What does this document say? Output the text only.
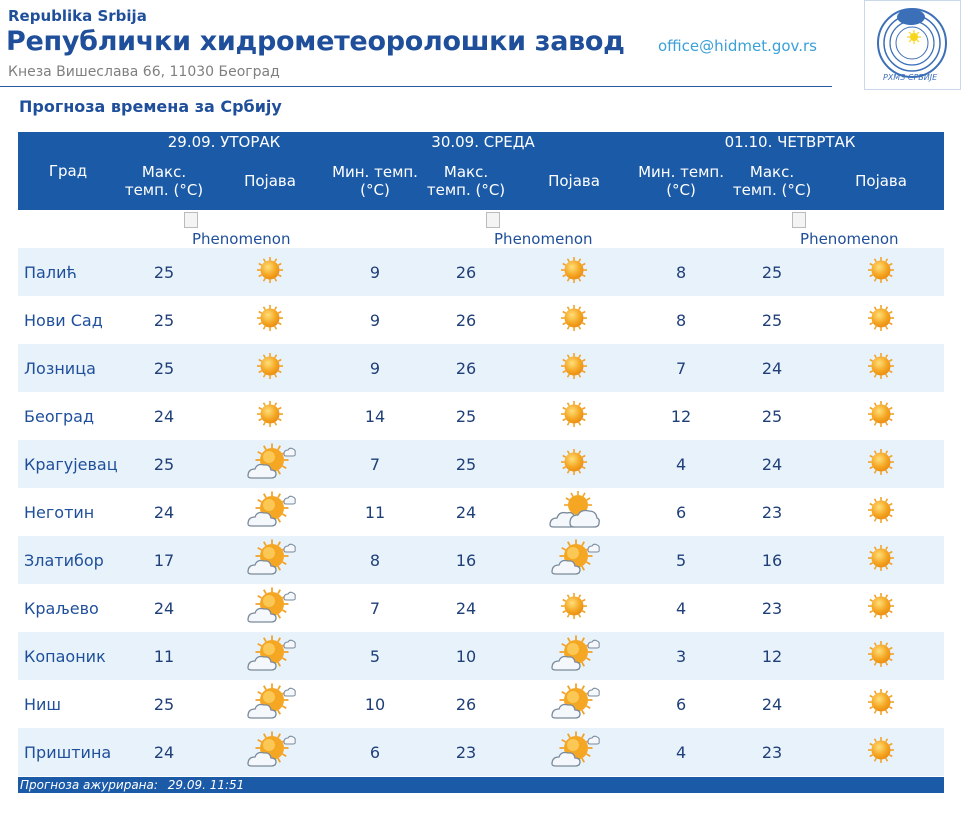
Republika Srbija
Републички хидрометеоролошки завод
Кнеза Вишеслава 66, 11030 Београд
office@hidmet.gov.rs
РХМЗ СРБИЈЕ
Прогноза времена за Србију
Град	29.09. УТОРАК		30.09. СРЕДА			01.10. ЧЕТВРТАК		
	Макс. темп. (°C)	Појава	Мин. темп. (°C)	Макс. темп. (°C)	Појава	Мин. темп. (°C)	Макс. темп. (°C)	Појава

		Phenomenon			Phenomenon			Phenomenon

Палић	25		9	26		8	25	
Нови Сад	25		9	26		8	25	
Лозница	25		9	26		7	24	
Београд	24		14	25		12	25	
Крагујевац	25		7	25		4	24	
Неготин	24		11	24		6	23	
Златибор	17		8	16		5	16	
Краљево	24		7	24		4	23	
Копаоник	11		5	10		3	12	
Ниш	25		10	26		6	24	
Приштина	24		6	23		4	23	
Прогноза ажурирана: 29.09. 11:51
